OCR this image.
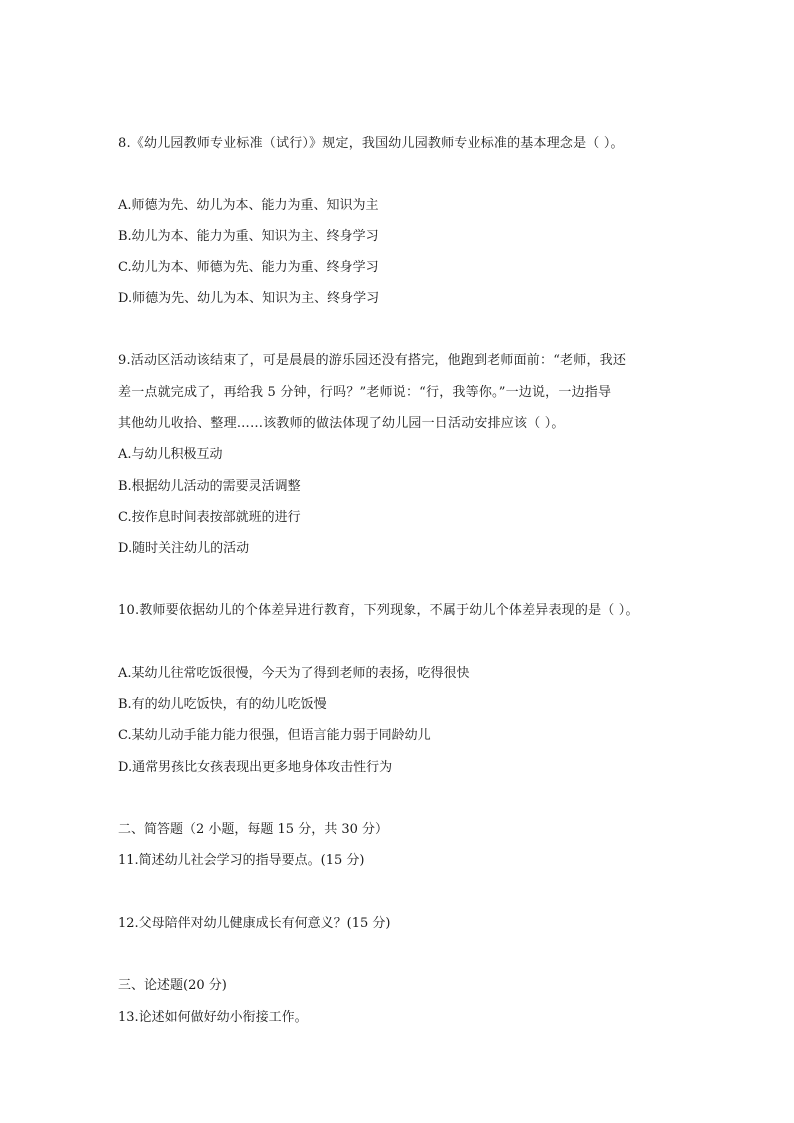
8.《幼儿园教师专业标准（试行）》规定，我国幼儿园教师专业标准的基本理念是（ ）。
A.师德为先、幼儿为本、能力为重、知识为主
B.幼儿为本、能力为重、知识为主、终身学习
C.幼儿为本、师德为先、能力为重、终身学习
D.师德为先、幼儿为本、知识为主、终身学习
9.活动区活动该结束了，可是晨晨的游乐园还没有搭完，他跑到老师面前：“老师，我还
差一点就完成了，再给我 5 分钟，行吗？”老师说：“行，我等你。”一边说，一边指导
其他幼儿收拾、整理……该教师的做法体现了幼儿园一日活动安排应该（ ）。
A.与幼儿积极互动
B.根据幼儿活动的需要灵活调整
C.按作息时间表按部就班的进行
D.随时关注幼儿的活动
10.教师要依据幼儿的个体差异进行教育，下列现象，不属于幼儿个体差异表现的是（ ）。
A.某幼儿往常吃饭很慢，今天为了得到老师的表扬，吃得很快
B.有的幼儿吃饭快，有的幼儿吃饭慢
C.某幼儿动手能力能力很强，但语言能力弱于同龄幼儿
D.通常男孩比女孩表现出更多地身体攻击性行为
二、简答题（2 小题，每题 15 分，共 30 分）
11.简述幼儿社会学习的指导要点。(15 分)
12.父母陪伴对幼儿健康成长有何意义？(15 分)
三、论述题(20 分)
13.论述如何做好幼小衔接工作。
